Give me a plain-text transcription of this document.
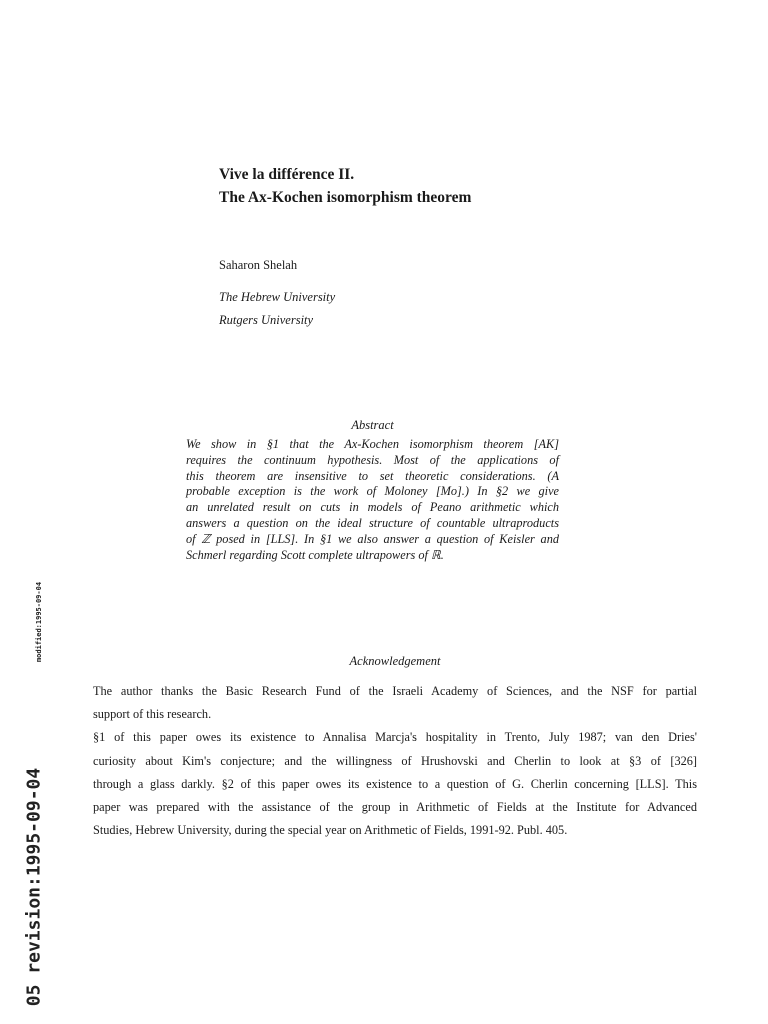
Vive la différence II.
The Ax-Kochen isomorphism theorem
Saharon Shelah
The Hebrew University
Rutgers University
Abstract
We show in §1 that the Ax-Kochen isomorphism theorem [AK]
requires the continuum hypothesis. Most of the applications of
this theorem are insensitive to set theoretic considerations. (A
probable exception is the work of Moloney [Mo].) In §2 we give
an unrelated result on cuts in models of Peano arithmetic which
answers a question on the ideal structure of countable ultraproducts
of ℤ posed in [LLS]. In §1 we also answer a question of Keisler and
Schmerl regarding Scott complete ultrapowers of ℝ.
Acknowledgement
The author thanks the Basic Research Fund of the Israeli Academy of Sciences, and the NSF for partial
support of this research.
§1 of this paper owes its existence to Annalisa Marcja's hospitality in Trento, July 1987; van den Dries'
curiosity about Kim's conjecture; and the willingness of Hrushovski and Cherlin to look at §3 of [326]
through a glass darkly. §2 of this paper owes its existence to a question of G. Cherlin concerning [LLS]. This
paper was prepared with the assistance of the group in Arithmetic of Fields at the Institute for Advanced
Studies, Hebrew University, during the special year on Arithmetic of Fields, 1991-92. Publ. 405.
modified:1995-09-04
05 revision:1995-09-04
